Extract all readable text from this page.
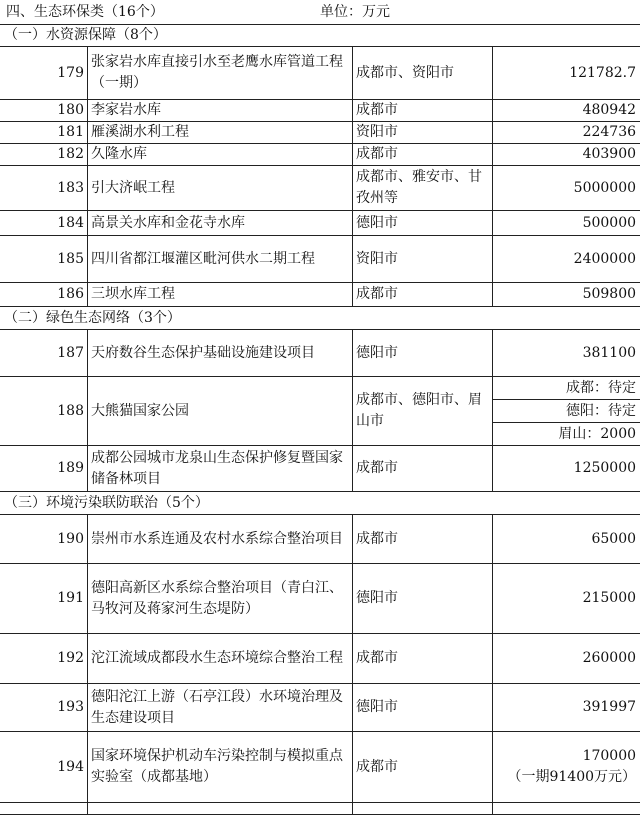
四、生态环保类（16个） 单位：万元			

（一）水资源保障（8个）			
179	张家岩水库直接引水至老鹰水库管道工程（一期）	成都市、资阳市	121782.7
180	李家岩水库	成都市	480942
181	雁溪湖水利工程	资阳市	224736
182	久隆水库	成都市	403900
183	引大济岷工程	成都市、雅安市、甘孜州等	5000000
184	高景关水库和金花寺水库	德阳市	500000
185	四川省都江堰灌区毗河供水二期工程	资阳市	2400000
186	三坝水库工程	成都市	509800
（二）绿色生态网络（3个）			
187	天府数谷生态保护基础设施建设项目	德阳市	381100
188	大熊猫国家公园	成都市、德阳市、眉山市	成都：待定
			德阳：待定
			眉山：2000
189	成都公园城市龙泉山生态保护修复暨国家储备林项目	成都市	1250000
（三）环境污染联防联治（5个）			
190	崇州市水系连通及农村水系综合整治项目	成都市	65000
191	德阳高新区水系综合整治项目（青白江、马牧河及蒋家河生态堤防）	德阳市	215000
192	沱江流域成都段水生态环境综合整治工程	成都市	260000
193	德阳沱江上游（石亭江段）水环境治理及生态建设项目	德阳市	391997
194	国家环境保护机动车污染控制与模拟重点实验室（成都基地）	成都市	170000
（一期91400万元）
